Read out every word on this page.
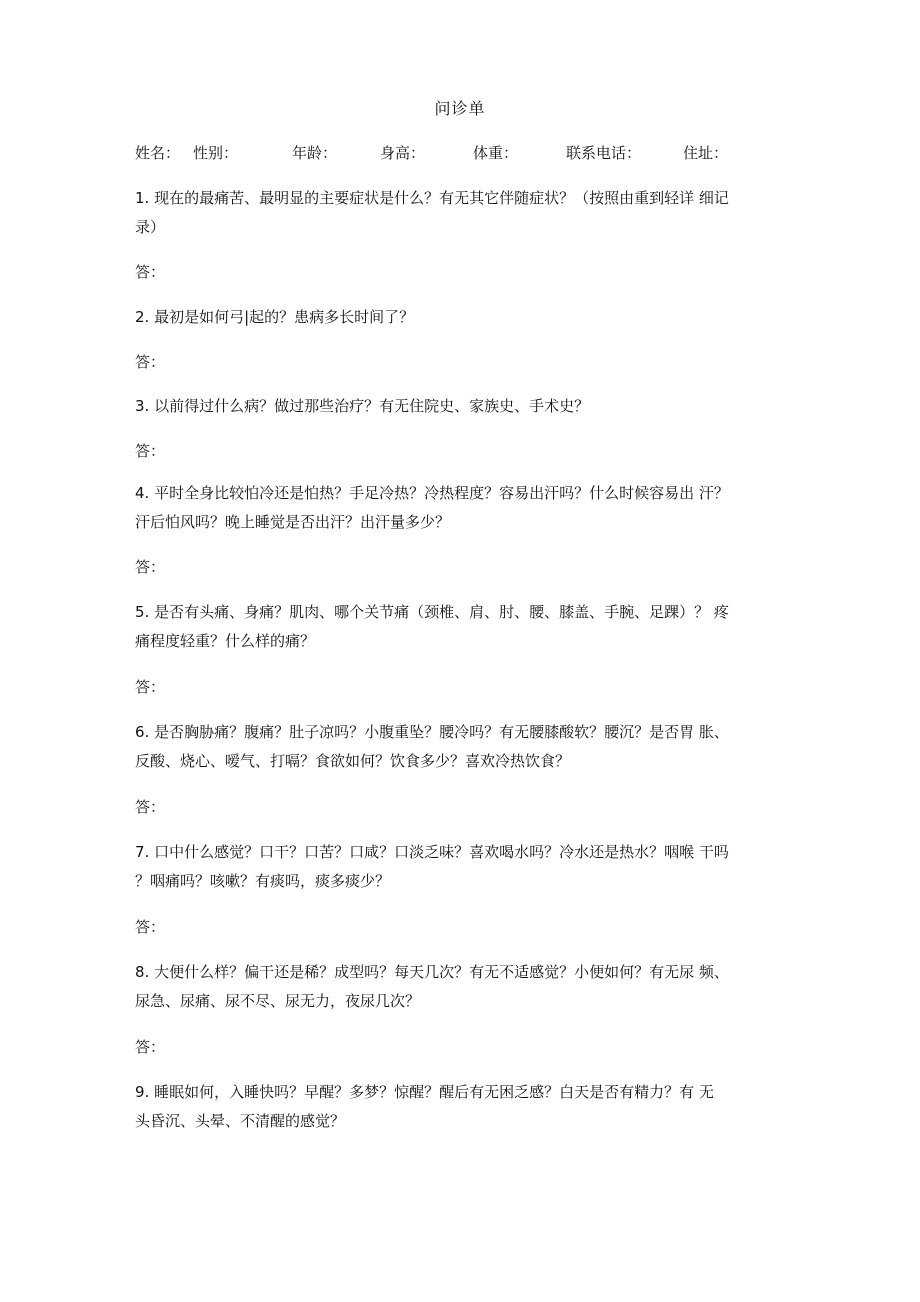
问诊单
姓名： 性别：	年龄：	身高：	体重：	联系电话：	住址：

1. 现在的最痛苦、最明显的主要症状是什么？有无其它伴随症状？（按照由重到轻详 细记
录）

答：

2. 最初是如何弓|起的？患病多长时间了？

答：

3. 以前得过什么病？做过那些治疗？有无住院史、家族史、手术史？

答：

4. 平时全身比较怕冷还是怕热？手足冷热？冷热程度？容易出汗吗？什么时候容易出 汗？
汗后怕风吗？晚上睡觉是否出汗？出汗量多少？

答：

5. 是否有头痛、身痛？肌肉、哪个关节痛（颈椎、肩、肘、腰、膝盖、手腕、足踝）？ 疼
痛程度轻重？什么样的痛？

答：

6. 是否胸胁痛？腹痛？肚子凉吗？小腹重坠？腰冷吗？有无腰膝酸软？腰沉？是否胃 胀、
反酸、烧心、嗳气、打嗝？食欲如何？饮食多少？喜欢冷热饮食？

答：

7. 口中什么感觉？口干？口苦？口咸？口淡乏味？喜欢喝水吗？冷水还是热水？咽喉 干吗
？咽痛吗？咳嗽？有痰吗，痰多痰少？

答：

8. 大便什么样？偏干还是稀？成型吗？每天几次？有无不适感觉？小便如何？有无尿 频、
尿急、尿痛、尿不尽、尿无力，夜尿几次？

答：

9. 睡眠如何，入睡快吗？早醒？多梦？惊醒？醒后有无困乏感？白天是否有精力？有 无
头昏沉、头晕、不清醒的感觉？
